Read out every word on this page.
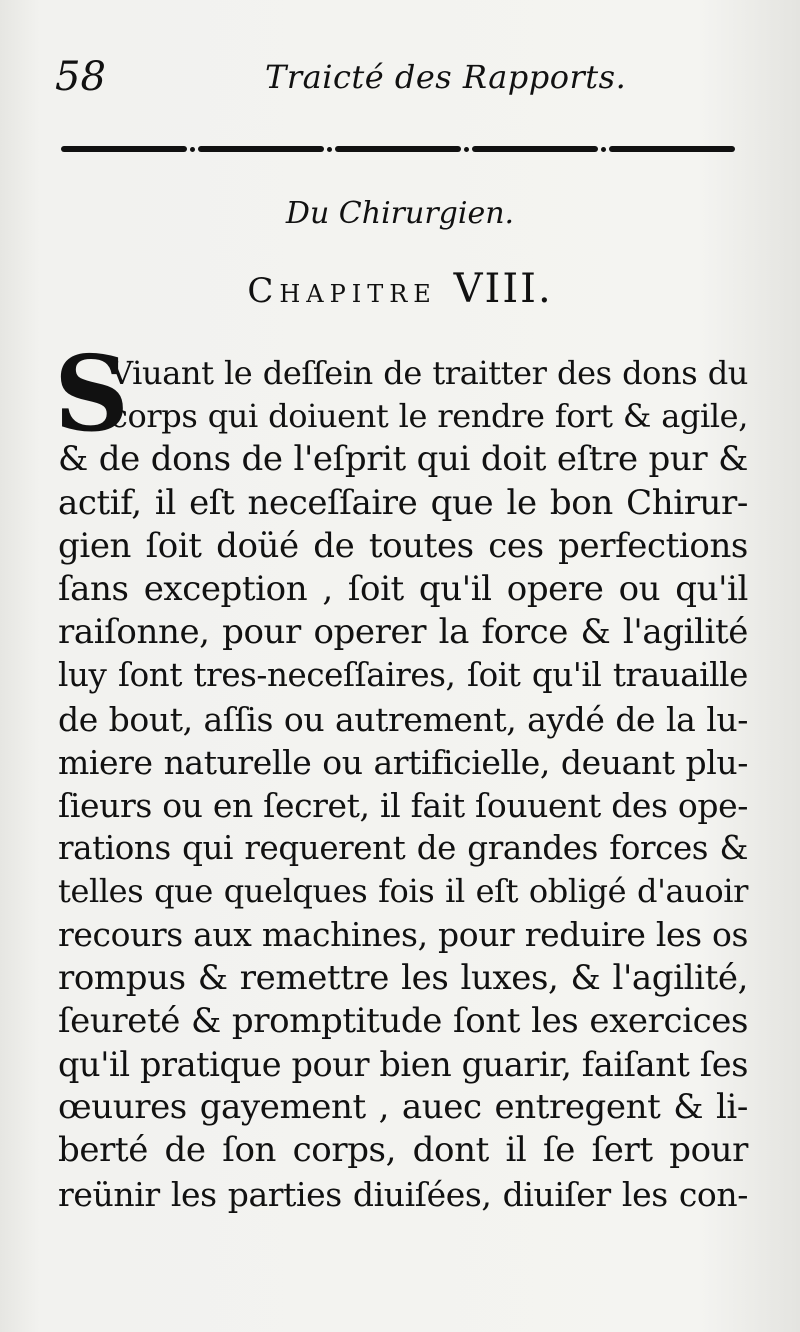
58	Traicté des Rapports.
Du Chirurgien.
Chapitre VIII.
S
Viuant le deſſein de traitter des dons du
corps qui doiuent le rendre fort & agile,
& de dons de l'eſprit qui doit eſtre pur &
actif, il eſt neceſſaire que le bon Chirur-
gien ſoit doüé de toutes ces perfections
ſans exception , ſoit qu'il opere ou qu'il
raiſonne, pour operer la force & l'agilité
luy ſont tres-neceſſaires, ſoit qu'il trauaille
de bout, aſſis ou autrement, aydé de la lu-
miere naturelle ou artificielle, deuant plu-
ſieurs ou en ſecret, il fait ſouuent des ope-
rations qui requerent de grandes forces &
telles que quelques fois il eſt obligé d'auoir
recours aux machines, pour reduire les os
rompus & remettre les luxes, & l'agilité,
ſeureté & promptitude ſont les exercices
qu'il pratique pour bien guarir, faiſant ſes
œuures gayement , auec entregent & li-
berté de ſon corps, dont il ſe ſert pour
reünir les parties diuiſées, diuiſer les con-
